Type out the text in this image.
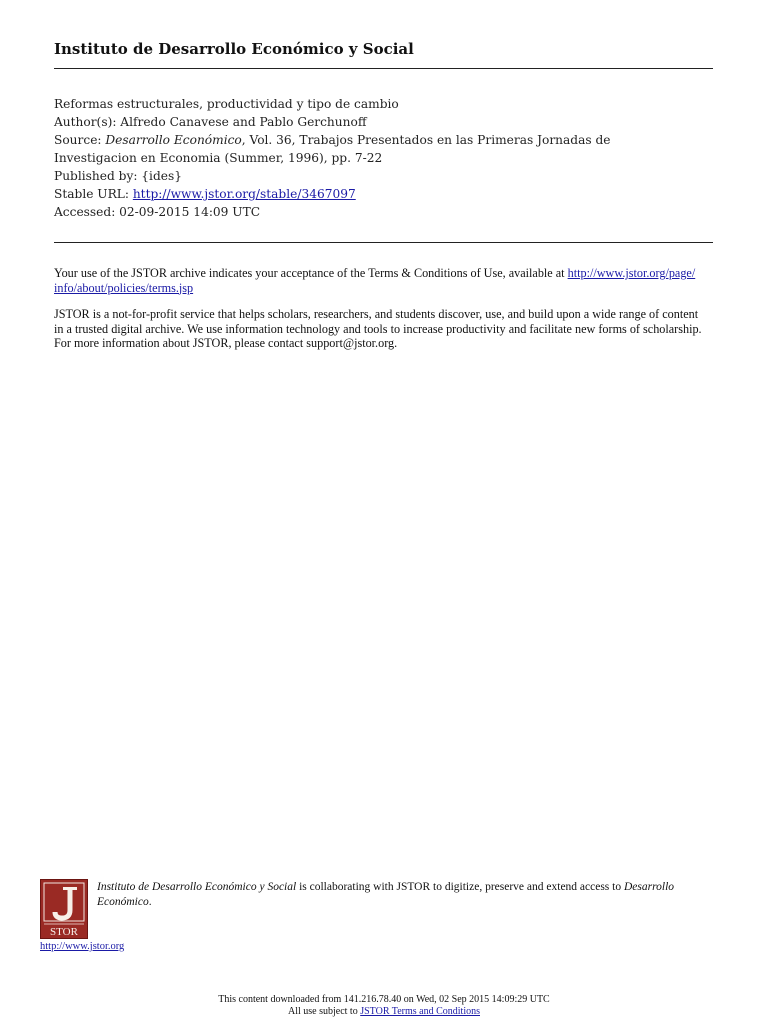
Instituto de Desarrollo Económico y Social
Reformas estructurales, productividad y tipo de cambio
Author(s): Alfredo Canavese and Pablo Gerchunoff
Source: Desarrollo Económico, Vol. 36, Trabajos Presentados en las Primeras Jornadas de
Investigacion en Economia (Summer, 1996), pp. 7-22
Published by: {ides}
Stable URL: http://www.jstor.org/stable/3467097
Accessed: 02-09-2015 14:09 UTC
Your use of the JSTOR archive indicates your acceptance of the Terms & Conditions of Use, available at http://www.jstor.org/page/
info/about/policies/terms.jsp
JSTOR is a not-for-profit service that helps scholars, researchers, and students discover, use, and build upon a wide range of content
in a trusted digital archive. We use information technology and tools to increase productivity and facilitate new forms of scholarship.
For more information about JSTOR, please contact support@jstor.org.
STOR
http://www.jstor.org
Instituto de Desarrollo Económico y Social is collaborating with JSTOR to digitize, preserve and extend access to Desarrollo Económico.
This content downloaded from 141.216.78.40 on Wed, 02 Sep 2015 14:09:29 UTC
All use subject to JSTOR Terms and Conditions
